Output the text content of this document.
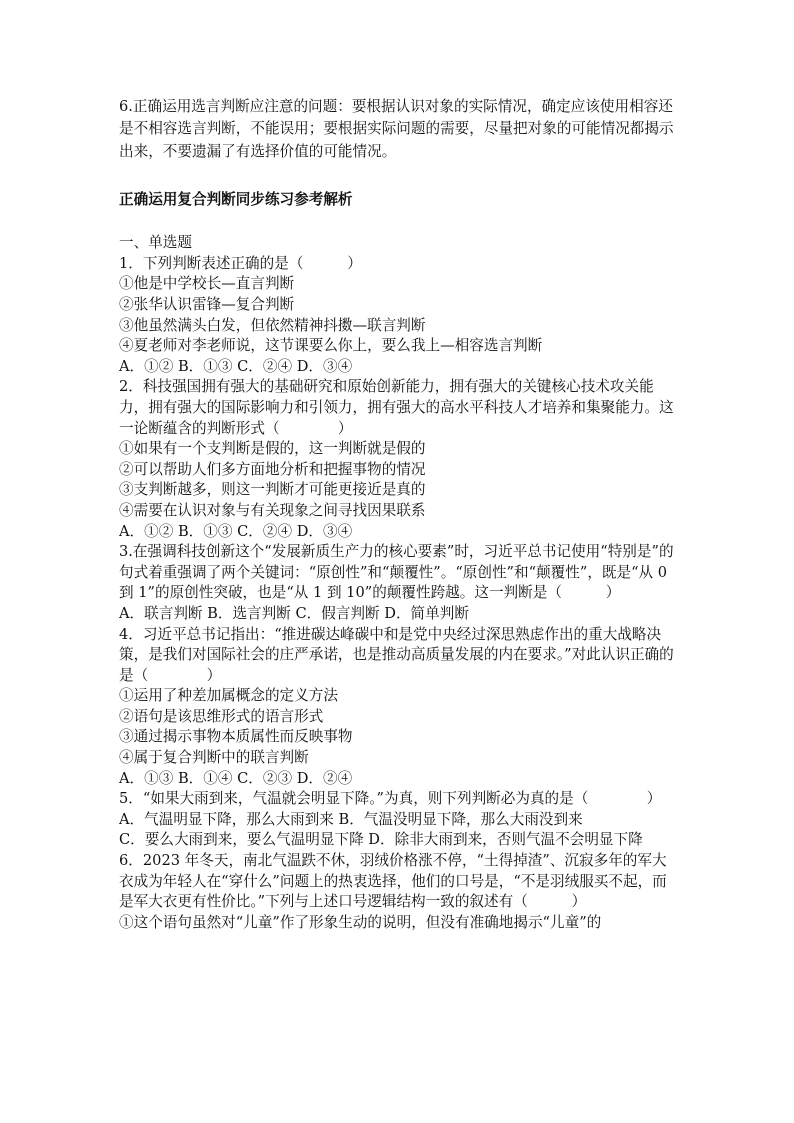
6.正确运用选言判断应注意的问题：要根据认识对象的实际情况，确定应该使用相容还是不相容选言判断，不能误用；要根据实际问题的需要，尽量把对象的可能情况都揭示出来，不要遗漏了有选择价值的可能情况。

正确运用复合判断同步练习参考解析

一、单选题

1．下列判断表述正确的是（　　　）

①他是中学校长—直言判断

②张华认识雷锋—复合判断

③他虽然满头白发，但依然精神抖擞—联言判断

④夏老师对李老师说，这节课要么你上，要么我上—相容选言判断

A．①② B．①③ C．②④ D．③④

2．科技强国拥有强大的基础研究和原始创新能力，拥有强大的关键核心技术攻关能力，拥有强大的国际影响力和引领力，拥有强大的高水平科技人才培养和集聚能力。这一论断蕴含的判断形式（　　　　）

①如果有一个支判断是假的，这一判断就是假的

②可以帮助人们多方面地分析和把握事物的情况

③支判断越多，则这一判断才可能更接近是真的

④需要在认识对象与有关现象之间寻找因果联系

A．①② B．①③ C．②④ D．③④

3.在强调科技创新这个“发展新质生产力的核心要素”时，习近平总书记使用“特别是”的句式着重强调了两个关键词：“原创性”和“颠覆性”。“原创性”和“颠覆性”，既是“从 0 到 1”的原创性突破，也是“从 1 到 10”的颠覆性跨越。这一判断是（　　　）

A．联言判断 B．选言判断 C．假言判断 D．简单判断

4．习近平总书记指出：“推进碳达峰碳中和是党中央经过深思熟虑作出的重大战略决策，是我们对国际社会的庄严承诺，也是推动高质量发展的内在要求。”对此认识正确的是（　　　　）

①运用了种差加属概念的定义方法

②语句是该思维形式的语言形式

③通过揭示事物本质属性而反映事物

④属于复合判断中的联言判断

A．①③ B．①④ C．②③ D．②④

5．“如果大雨到来，气温就会明显下降。”为真，则下列判断必为真的是（　　　　）

A．气温明显下降，那么大雨到来 B．气温没明显下降，那么大雨没到来

C．要么大雨到来，要么气温明显下降 D．除非大雨到来，否则气温不会明显下降

6．2023 年冬天，南北气温跌不休，羽绒价格涨不停，“土得掉渣”、沉寂多年的军大衣成为年轻人在“穿什么”问题上的热衷选择，他们的口号是，“不是羽绒服买不起，而是军大衣更有性价比。”下列与上述口号逻辑结构一致的叙述有（　　　）

①这个语句虽然对“儿童”作了形象生动的说明，但没有准确地揭示“儿童”的
